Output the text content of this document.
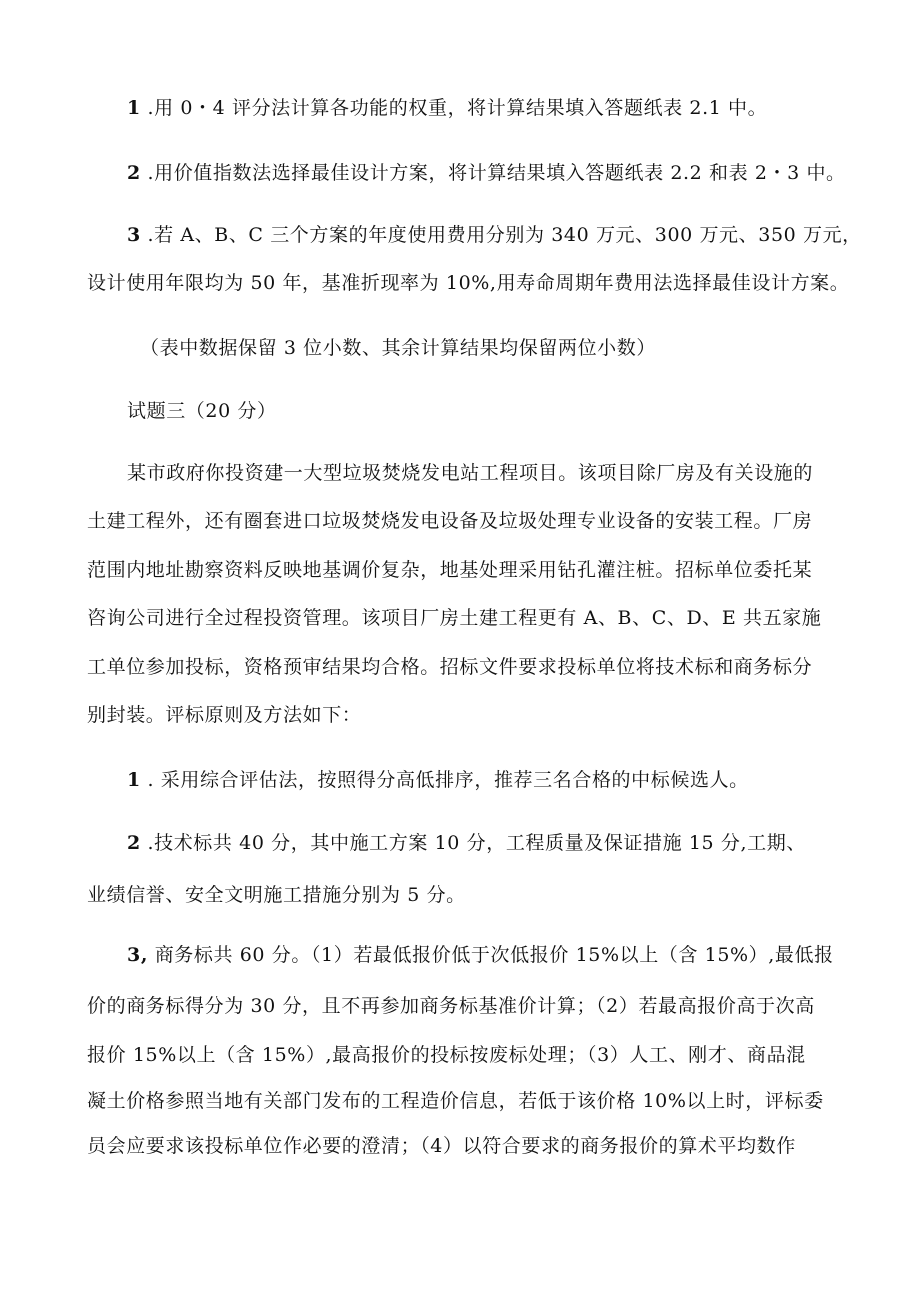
1 .用 0・4 评分法计算各功能的权重，将计算结果填入答题纸表 2.1 中。
2 .用价值指数法选择最佳设计方案，将计算结果填入答题纸表 2.2 和表 2・3 中。
3 .若 A、B、C 三个方案的年度使用费用分别为 340 万元、300 万元、350 万元，
设计使用年限均为 50 年，基准折现率为 10%,用寿命周期年费用法选择最佳设计方案。
（表中数据保留 3 位小数、其余计算结果均保留两位小数）
试题三（20 分）
某市政府你投资建一大型垃圾焚烧发电站工程项目。该项目除厂房及有关设施的
土建工程外，还有圈套进口垃圾焚烧发电设备及垃圾处理专业设备的安装工程。厂房
范围内地址勘察资料反映地基调价复杂，地基处理采用钻孔灌注桩。招标单位委托某
咨询公司进行全过程投资管理。该项目厂房土建工程更有 A、B、C、D、E 共五家施
工单位参加投标，资格预审结果均合格。招标文件要求投标单位将技术标和商务标分
别封装。评标原则及方法如下：
1 . 采用综合评估法，按照得分高低排序，推荐三名合格的中标候选人。
2 .技术标共 40 分，其中施工方案 10 分，工程质量及保证措施 15 分,工期、
业绩信誉、安全文明施工措施分别为 5 分。
3, 商务标共 60 分。（1）若最低报价低于次低报价 15%以上（含 15%）,最低报
价的商务标得分为 30 分，且不再参加商务标基准价计算；（2）若最高报价高于次高
报价 15%以上（含 15%）,最高报价的投标按废标处理；（3）人工、刚才、商品混
凝土价格参照当地有关部门发布的工程造价信息，若低于该价格 10%以上时，评标委
员会应要求该投标单位作必要的澄清；（4）以符合要求的商务报价的算术平均数作
